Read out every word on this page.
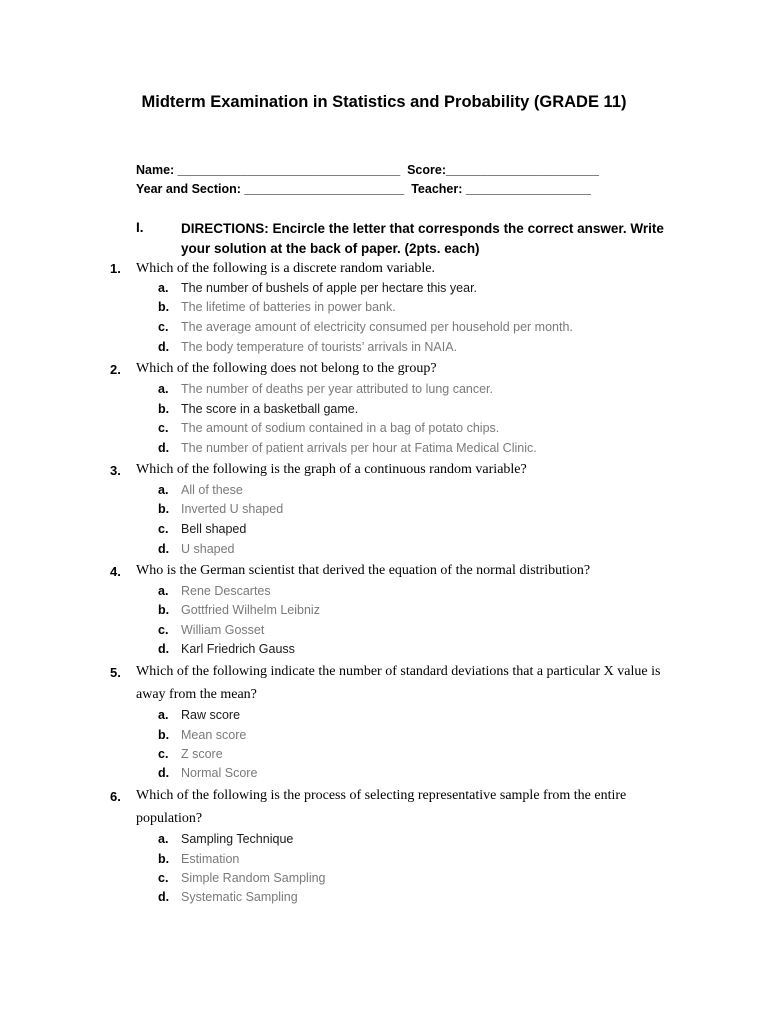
Midterm Examination in Statistics and Probability (GRADE 11)
Name: ________________________________  Score:______________________
Year and Section: _______________________  Teacher: __________________
I.	DIRECTIONS: Encircle the letter that corresponds the correct answer. Write your solution at the back of paper. (2pts. each)
1. Which of the following is a discrete random variable.
a. The number of bushels of apple per hectare this year.
b. The lifetime of batteries in power bank.
c. The average amount of electricity consumed per household per month.
d. The body temperature of tourists’ arrivals in NAIA.
2. Which of the following does not belong to the group?
a. The number of deaths per year attributed to lung cancer.
b. The score in a basketball game.
c. The amount of sodium contained in a bag of potato chips.
d. The number of patient arrivals per hour at Fatima Medical Clinic.
3. Which of the following is the graph of a continuous random variable?
a. All of these
b. Inverted U shaped
c. Bell shaped
d. U shaped
4. Who is the German scientist that derived the equation of the normal distribution?
a. Rene Descartes
b. Gottfried Wilhelm Leibniz
c. William Gosset
d. Karl Friedrich Gauss
5. Which of the following indicate the number of standard deviations that a particular X value is away from the mean?
a. Raw score
b. Mean score
c. Z score
d. Normal Score
6. Which of the following is the process of selecting representative sample from the entire population?
a. Sampling Technique
b. Estimation
c. Simple Random Sampling
d. Systematic Sampling
